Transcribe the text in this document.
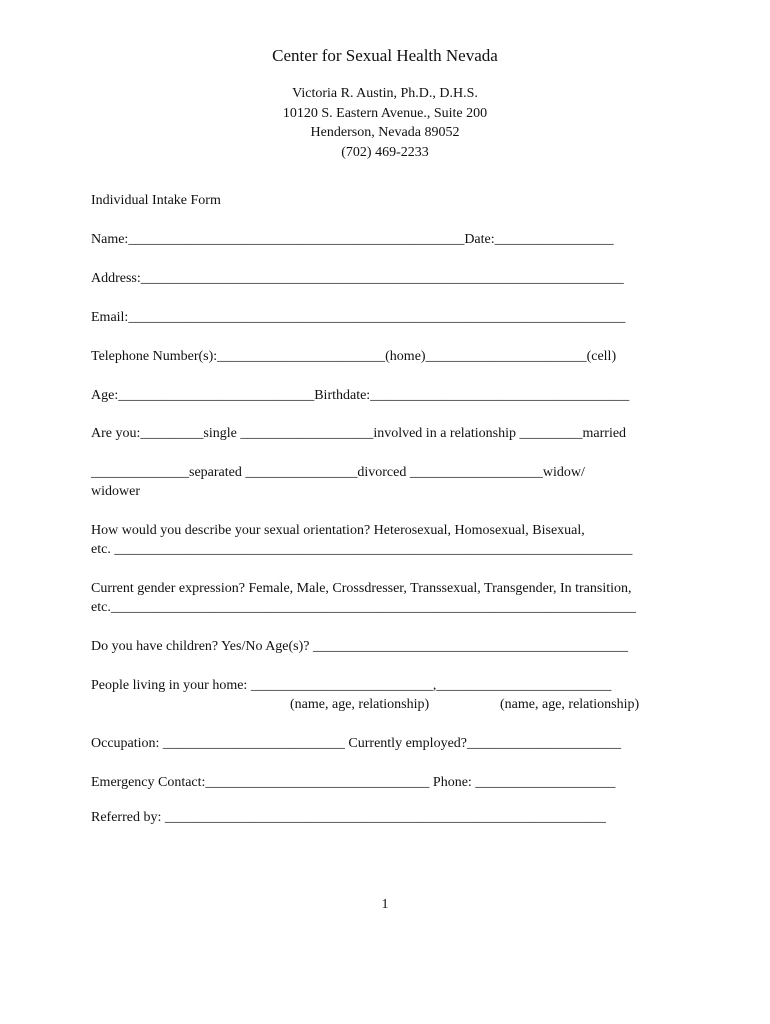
Center for Sexual Health Nevada
Victoria R. Austin, Ph.D., D.H.S.
10120 S. Eastern Avenue., Suite 200
Henderson, Nevada 89052
(702) 469-2233
Individual Intake Form
Name:________________________________________________Date:_________________
Address:_____________________________________________________________________
Email:_______________________________________________________________________
Telephone Number(s):________________________(home)_______________________(cell)
Age:____________________________Birthdate:_____________________________________
Are you:_________single ___________________involved in a relationship _________married
______________separated ________________divorced ___________________widow/
widower
How would you describe your sexual orientation? Heterosexual, Homosexual, Bisexual,
etc. __________________________________________________________________________
Current gender expression? Female, Male, Crossdresser, Transsexual, Transgender, In transition,
etc.___________________________________________________________________________
Do you have children? Yes/No Age(s)? _____________________________________________
People living in your home: __________________________,_________________________
(name, age, relationship)	(name, age, relationship)
Occupation: __________________________ Currently employed?______________________
Emergency Contact:________________________________ Phone: ____________________
Referred by: _______________________________________________________________
1
